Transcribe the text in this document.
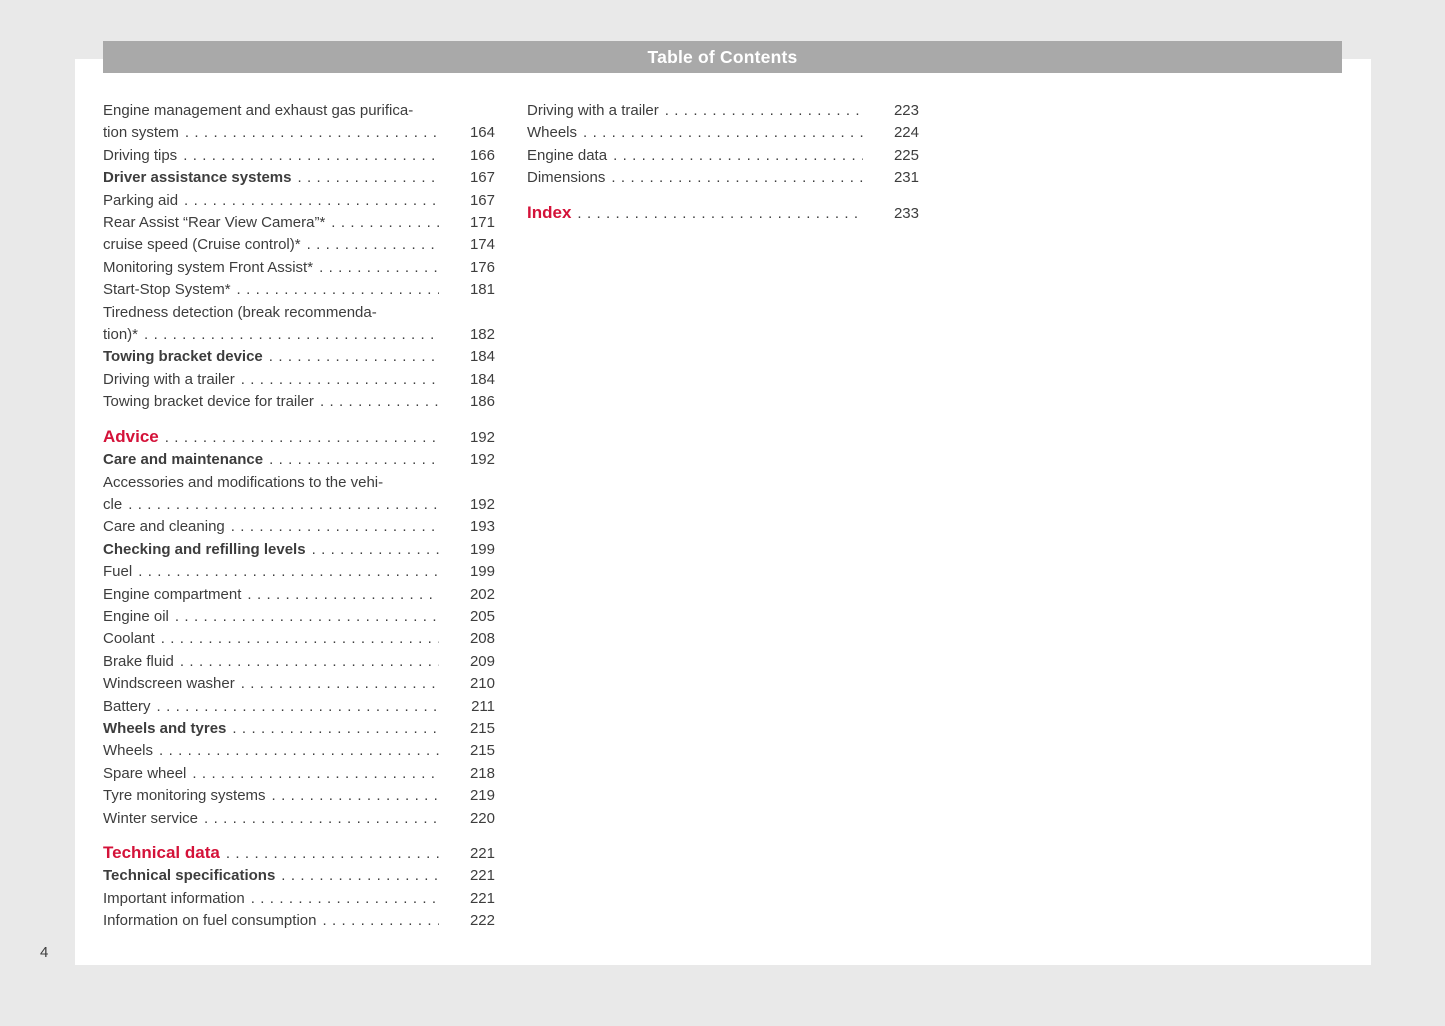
Table of Contents
Engine management and exhaust gas purifica-
tion system . . .	164
Driving tips . . .	166
Driver assistance systems . . .	167
Parking aid . . .	167
Rear Assist “Rear View Camera”* . . .	171
cruise speed (Cruise control)* . . .	174
Monitoring system Front Assist* . . .	176
Start-Stop System* . . .	181
Tiredness detection (break recommenda-
tion)* . . .	182
Towing bracket device . . .	184
Driving with a trailer . . .	184
Towing bracket device for trailer . . .	186
Advice . . .	192
Care and maintenance . . .	192
Accessories and modifications to the vehi-
cle . . .	192
Care and cleaning . . .	193
Checking and refilling levels . . .	199
Fuel . . .	199
Engine compartment . . .	202
Engine oil . . .	205
Coolant . . .	208
Brake fluid . . .	209
Windscreen washer . . .	210
Battery . . .	211
Wheels and tyres . . .	215
Wheels . . .	215
Spare wheel . . .	218
Tyre monitoring systems . . .	219
Winter service . . .	220
Technical data . . .	221
Technical specifications . . .	221
Important information . . .	221
Information on fuel consumption . . .	222
Driving with a trailer . . .	223
Wheels . . .	224
Engine data . . .	225
Dimensions . . .	231
Index . . .	233
4
